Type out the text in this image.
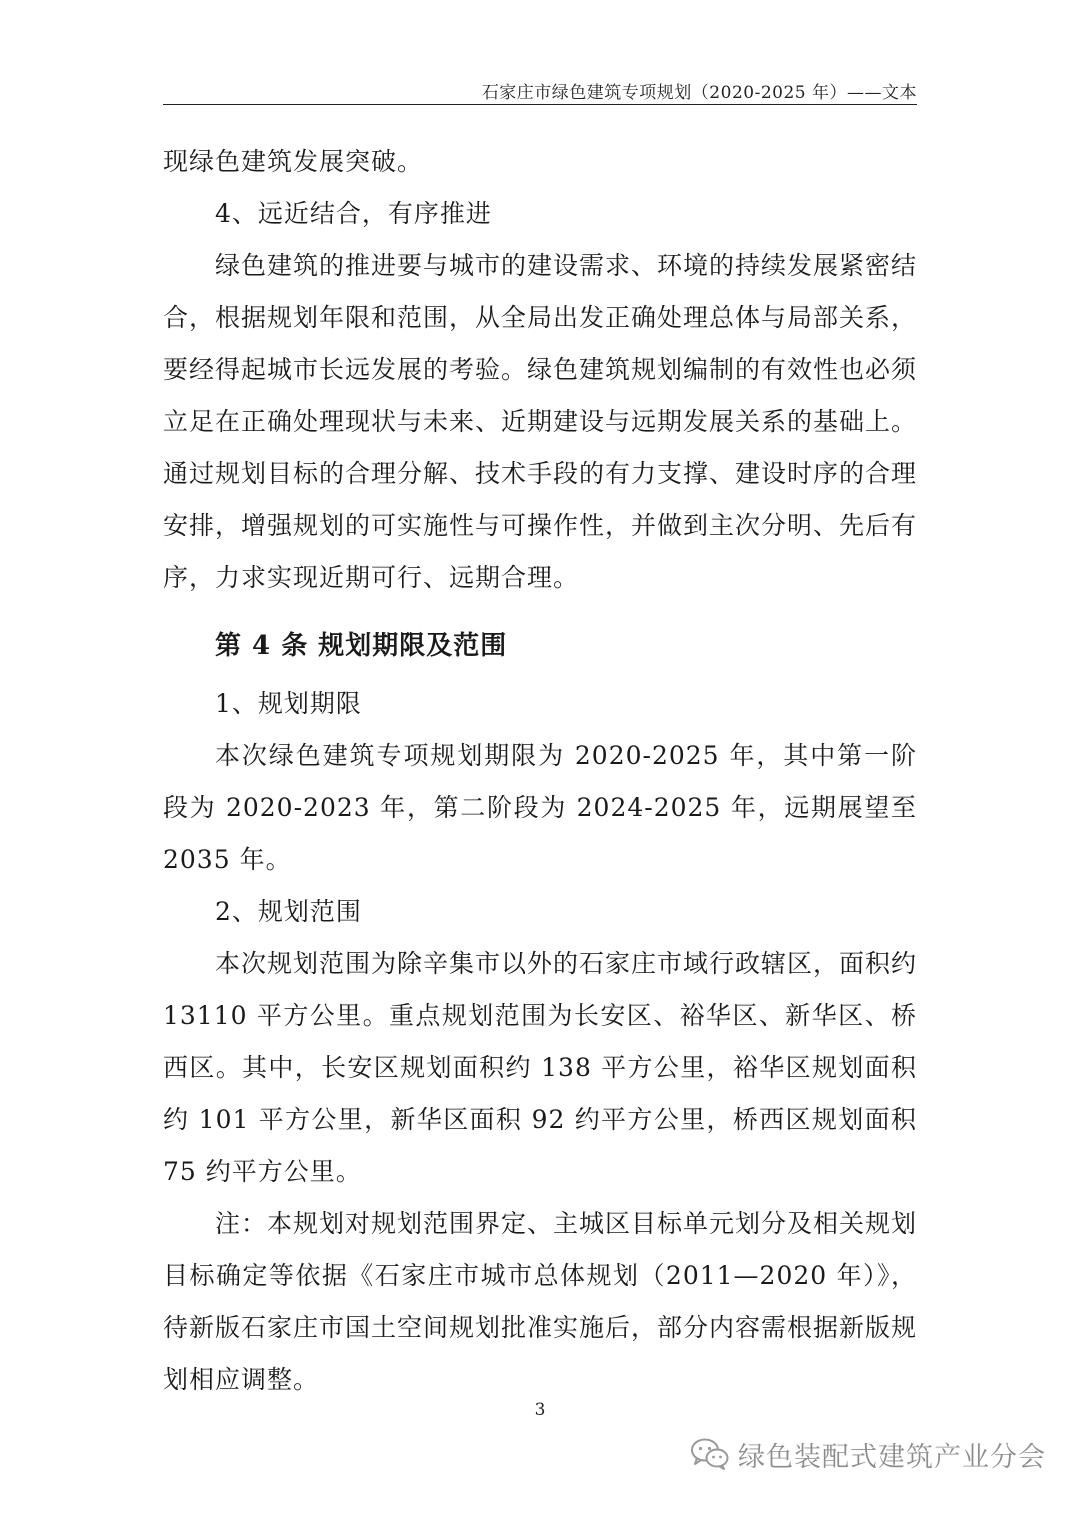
石家庄市绿色建筑专项规划（2020-2025 年）——文本

现绿色建筑发展突破。

4、远近结合，有序推进

绿色建筑的推进要与城市的建设需求、环境的持续发展紧密结合，根据规划年限和范围，从全局出发正确处理总体与局部关系，要经得起城市长远发展的考验。绿色建筑规划编制的有效性也必须立足在正确处理现状与未来、近期建设与远期发展关系的基础上。通过规划目标的合理分解、技术手段的有力支撑、建设时序的合理安排，增强规划的可实施性与可操作性，并做到主次分明、先后有序，力求实现近期可行、远期合理。

第 4 条 规划期限及范围

1、规划期限

本次绿色建筑专项规划期限为 2020-2025 年，其中第一阶段为 2020-2023 年，第二阶段为 2024-2025 年，远期展望至 2035 年。

2、规划范围

本次规划范围为除辛集市以外的石家庄市域行政辖区，面积约 13110 平方公里。重点规划范围为长安区、裕华区、新华区、桥西区。其中，长安区规划面积约 138 平方公里，裕华区规划面积约 101 平方公里，新华区面积 92 约平方公里，桥西区规划面积 75 约平方公里。

注：本规划对规划范围界定、主城区目标单元划分及相关规划目标确定等依据《石家庄市城市总体规划（2011—2020 年）》，待新版石家庄市国土空间规划批准实施后，部分内容需根据新版规划相应调整。

3
绿色装配式建筑产业分会
